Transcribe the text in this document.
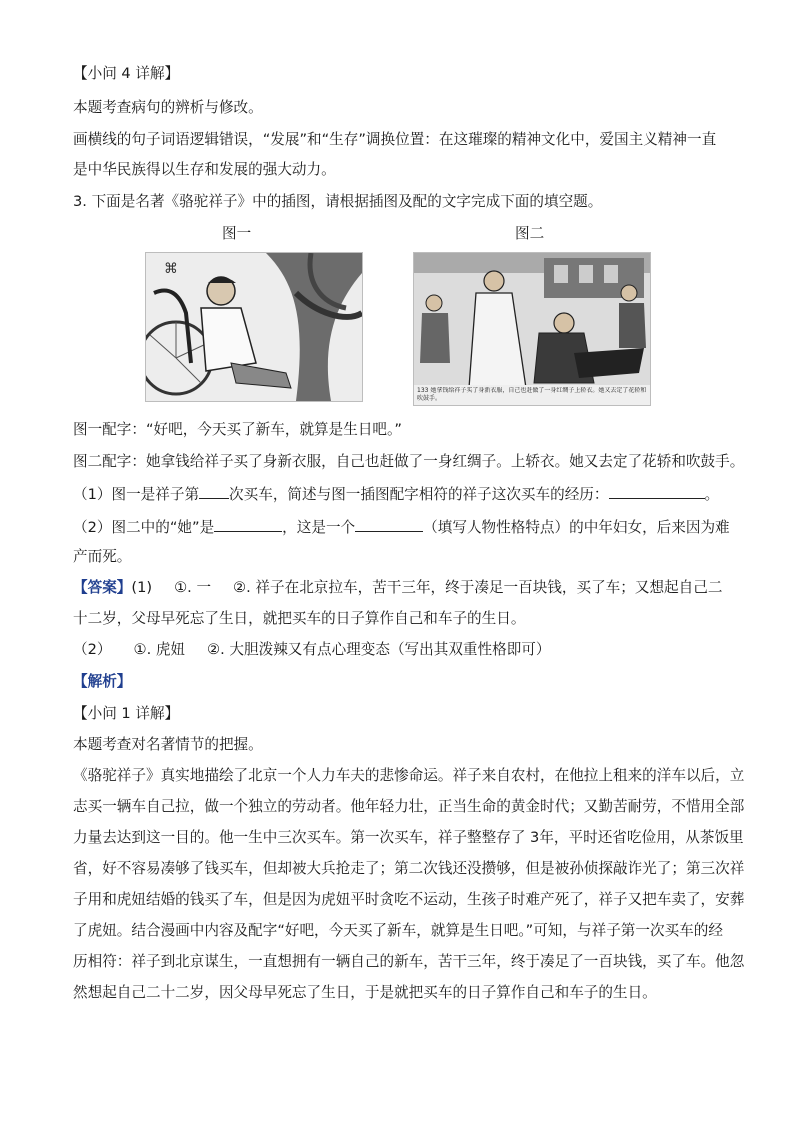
【小问 4 详解】
本题考查病句的辨析与修改。
画横线的句子词语逻辑错误，“发展”和“生存”调换位置：在这璀璨的精神文化中，爱国主义精神一直
是中华民族得以生存和发展的强大动力。
3. 下面是名著《骆驼祥子》中的插图，请根据插图及配的文字完成下面的填空题。
图一	图二
⌘
133 她拿钱给祥子买了身新衣服，自己也赶做了一身红绸子上轿衣。她又去定了花轿和吹鼓手。
图一配字：“好吧，今天买了新车，就算是生日吧。”
图二配字：她拿钱给祥子买了身新衣服，自己也赶做了一身红绸子。上轿衣。她又去定了花轿和吹鼓手。
（1）图一是祥子第 次买车，简述与图一插图配字相符的祥子这次买车的经历：	。
（2）图二中的“她”是	，这是一个	（填写人物性格特点）的中年妇女，后来因为难
产而死。
【答案】(1) ①. 一 ②. 祥子在北京拉车，苦干三年，终于凑足一百块钱，买了车；又想起自己二
十二岁，父母早死忘了生日，就把买车的日子算作自己和车子的生日。
（2） ①. 虎妞 ②. 大胆泼辣又有点心理变态（写出其双重性格即可）
【解析】
【小问 1 详解】
本题考查对名著情节的把握。
《骆驼祥子》真实地描绘了北京一个人力车夫的悲惨命运。祥子来自农村，在他拉上租来的洋车以后，立
志买一辆车自己拉，做一个独立的劳动者。他年轻力壮，正当生命的黄金时代；又勤苦耐劳，不惜用全部
力量去达到这一目的。他一生中三次买车。第一次买车，祥子整整存了 3年，平时还省吃俭用，从茶饭里
省，好不容易凑够了钱买车，但却被大兵抢走了；第二次钱还没攒够，但是被孙侦探敲诈光了；第三次祥
子用和虎妞结婚的钱买了车，但是因为虎妞平时贪吃不运动，生孩子时难产死了，祥子又把车卖了，安葬
了虎妞。结合漫画中内容及配字“好吧，今天买了新车，就算是生日吧。”可知，与祥子第一次买车的经
历相符：祥子到北京谋生，一直想拥有一辆自己的新车，苦干三年，终于凑足了一百块钱，买了车。他忽
然想起自己二十二岁，因父母早死忘了生日，于是就把买车的日子算作自己和车子的生日。
